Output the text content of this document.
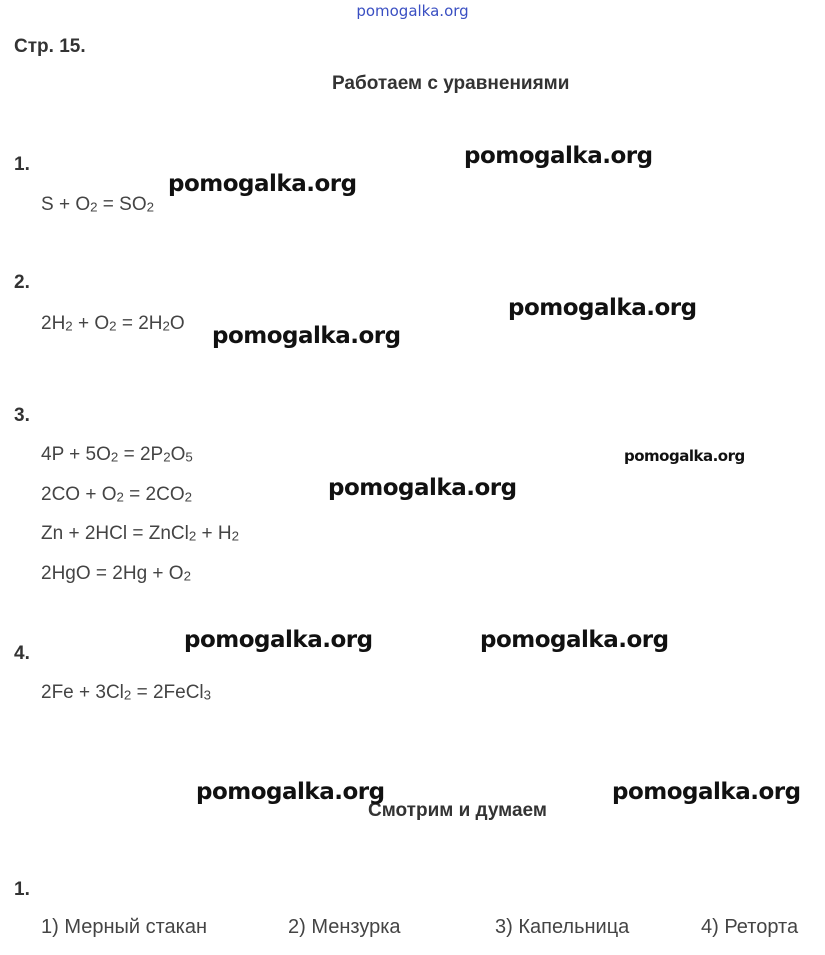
pomogalka.org
Стр. 15.
Работаем с уравнениями
1.
$S + O_2 = SO_2$
2.
$2H_2 + O_2 = 2H_2O$
3.
$4P + 5O_2 = 2P_2O_5$
$2CO + O_2 = 2CO_2$
Zn + 2HCl = ZnCl$_2$ + $H_2$
$2HgO = 2Hg + O_2$
4.
$2Fe + 3Cl_2$ = 2FeCl$_3$
Смотрим и думаем
1.
1) Мерный стакан	2) Мензурка	3) Капельница	4) Реторта
pomogalka.org
pomogalka.org
pomogalka.org
pomogalka.org
pomogalka.org
pomogalka.org
pomogalka.org	pomogalka.org
pomogalka.org	pomogalka.org
